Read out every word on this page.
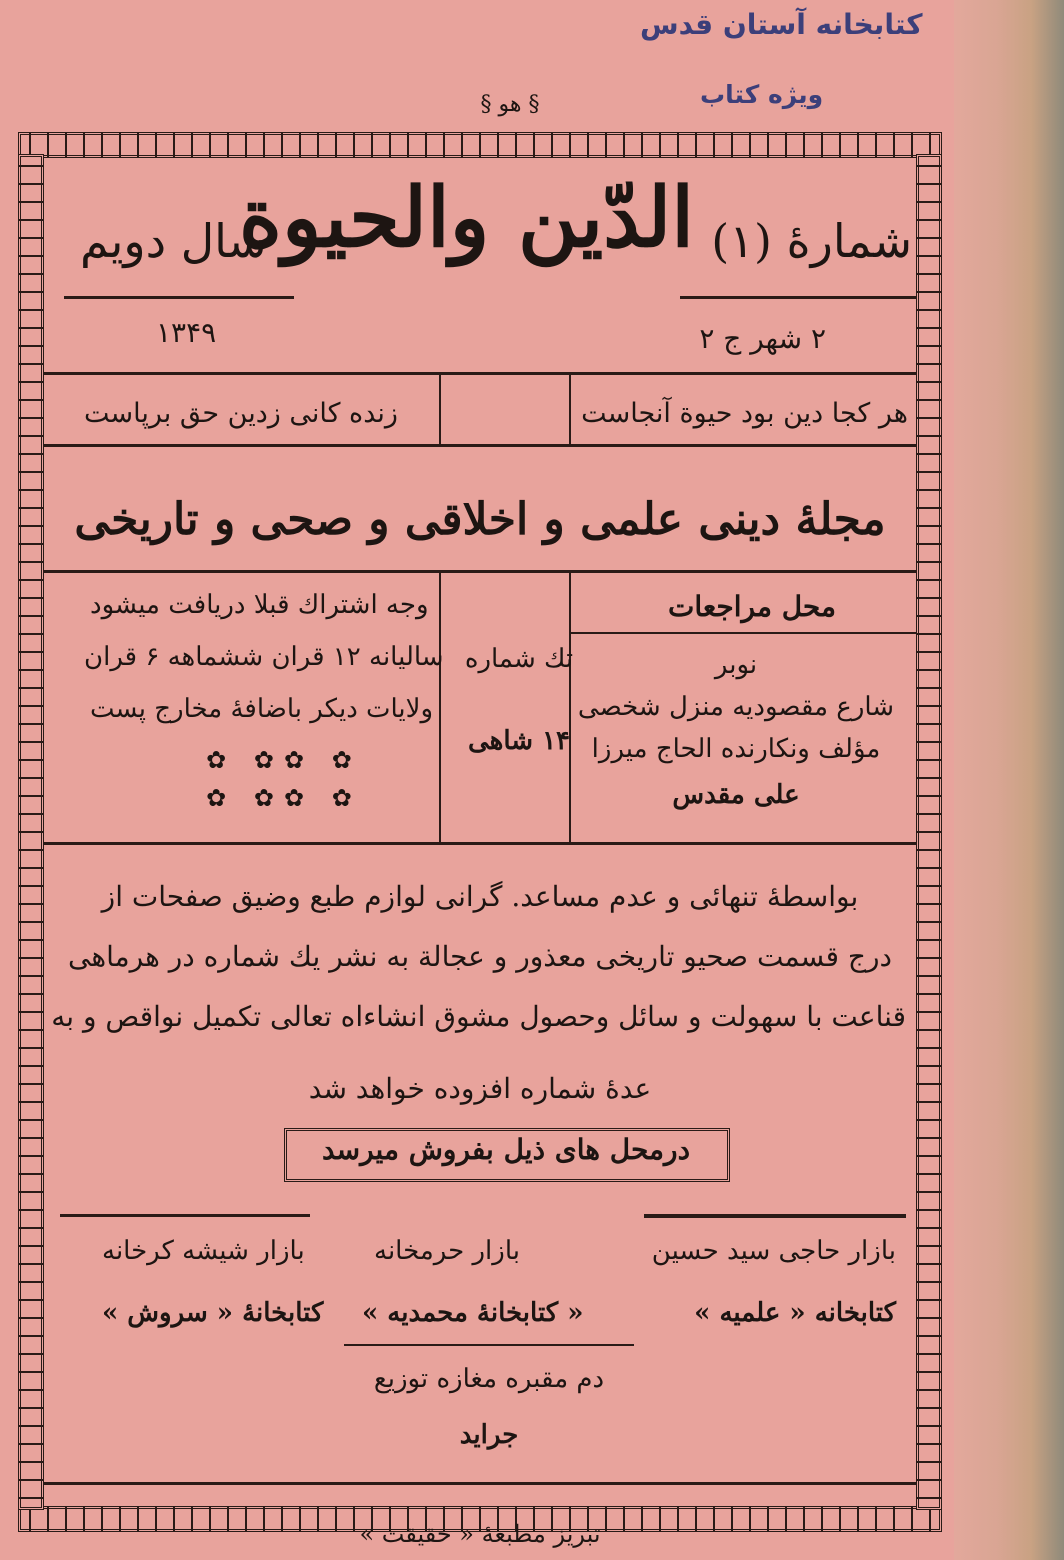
کتابخانه آستان قدس
ویژه کتاب
§ هو §
الدّین والحیوة شمارهٔ (۱)
سال دویم
۲ شهر ج ۲
۱۳۴۹
هر کجا دین بود حیوة آنجاست
زنده کانی زدین حق برپاست
مجلهٔ دینی علمی و اخلاقی و صحی و تاریخی
محل مراجعات
نوبر
شارع مقصودیه منزل شخصی
مؤلف ونکارنده الحاج میرزا
علی مقدس
تك شماره
۱۴ شاهی
وجه اشتراك قبلا دریافت میشود
سالیانه ۱۲ قران ششماهه ۶ قران
ولایات دیکر باضافهٔ مخارج پست
✿ ✿✿ ✿
✿ ✿✿ ✿
بواسطهٔ تنهائی و عدم مساعد. گرانی لوازم طبع وضیق صفحات از
درج قسمت صحیو تاریخی معذور و عجالة به نشر یك شماره در هرماهی
قناعت با سهولت و سائل وحصول مشوق انشاءاه تعالی تکمیل نواقص و به
عدهٔ شماره افزوده خواهد شد
درمحل های ذیل بفروش میرسد
بازار حاجی سید حسین
کتابخانه « علمیه »
بازار حرمخانه
« کتابخانهٔ محمدیه »
بازار شیشه کرخانه
کتابخانهٔ « سروش »
دم مقبره مغازه توزیع
جراید
تبریز مطبعهٔ « حقیقت »
